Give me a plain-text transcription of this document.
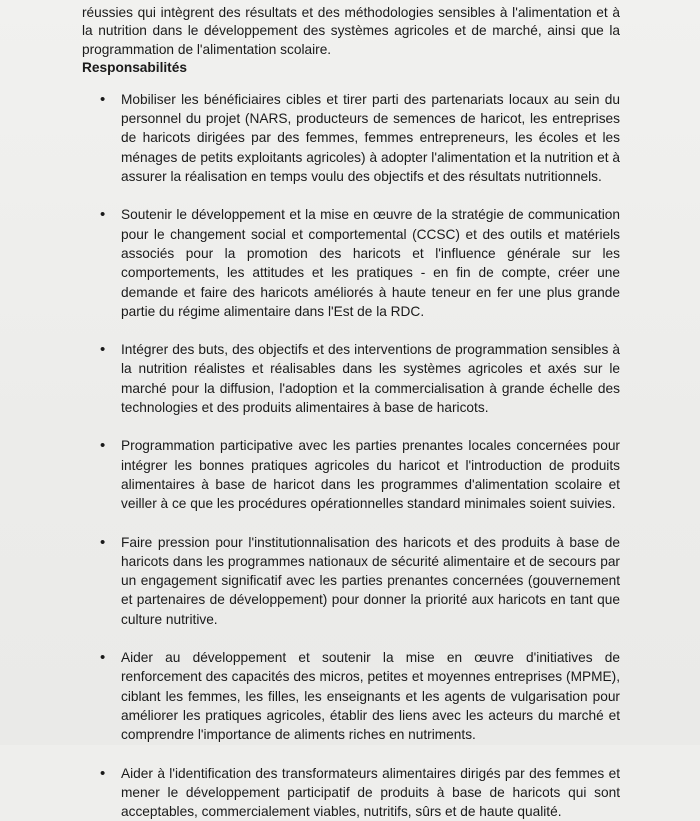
réussies qui intègrent des résultats et des méthodologies sensibles à l'alimentation et à la nutrition dans le développement des systèmes agricoles et de marché, ainsi que la programmation de l'alimentation scolaire.

Responsabilités
• Mobiliser les bénéficiaires cibles et tirer parti des partenariats locaux au sein du personnel du projet (NARS, producteurs de semences de haricot, les entreprises de haricots dirigées par des femmes, femmes entrepreneurs, les écoles et les ménages de petits exploitants agricoles) à adopter l'alimentation et la nutrition et à assurer la réalisation en temps voulu des objectifs et des résultats nutritionnels.
• Soutenir le développement et la mise en œuvre de la stratégie de communication pour le changement social et comportemental (CCSC) et des outils et matériels associés pour la promotion des haricots et l'influence générale sur les comportements, les attitudes et les pratiques - en fin de compte, créer une demande et faire des haricots améliorés à haute teneur en fer une plus grande partie du régime alimentaire dans l'Est de la RDC.
• Intégrer des buts, des objectifs et des interventions de programmation sensibles à la nutrition réalistes et réalisables dans les systèmes agricoles et axés sur le marché pour la diffusion, l'adoption et la commercialisation à grande échelle des technologies et des produits alimentaires à base de haricots.
• Programmation participative avec les parties prenantes locales concernées pour intégrer les bonnes pratiques agricoles du haricot et l'introduction de produits alimentaires à base de haricot dans les programmes d'alimentation scolaire et veiller à ce que les procédures opérationnelles standard minimales soient suivies.
• Faire pression pour l'institutionnalisation des haricots et des produits à base de haricots dans les programmes nationaux de sécurité alimentaire et de secours par un engagement significatif avec les parties prenantes concernées (gouvernement et partenaires de développement) pour donner la priorité aux haricots en tant que culture nutritive.
• Aider au développement et soutenir la mise en œuvre d'initiatives de renforcement des capacités des micros, petites et moyennes entreprises (MPME), ciblant les femmes, les filles, les enseignants et les agents de vulgarisation pour améliorer les pratiques agricoles, établir des liens avec les acteurs du marché et comprendre l'importance de aliments riches en nutriments.
• Aider à l'identification des transformateurs alimentaires dirigés par des femmes et mener le développement participatif de produits à base de haricots qui sont acceptables, commercialement viables, nutritifs, sûrs et de haute qualité.
